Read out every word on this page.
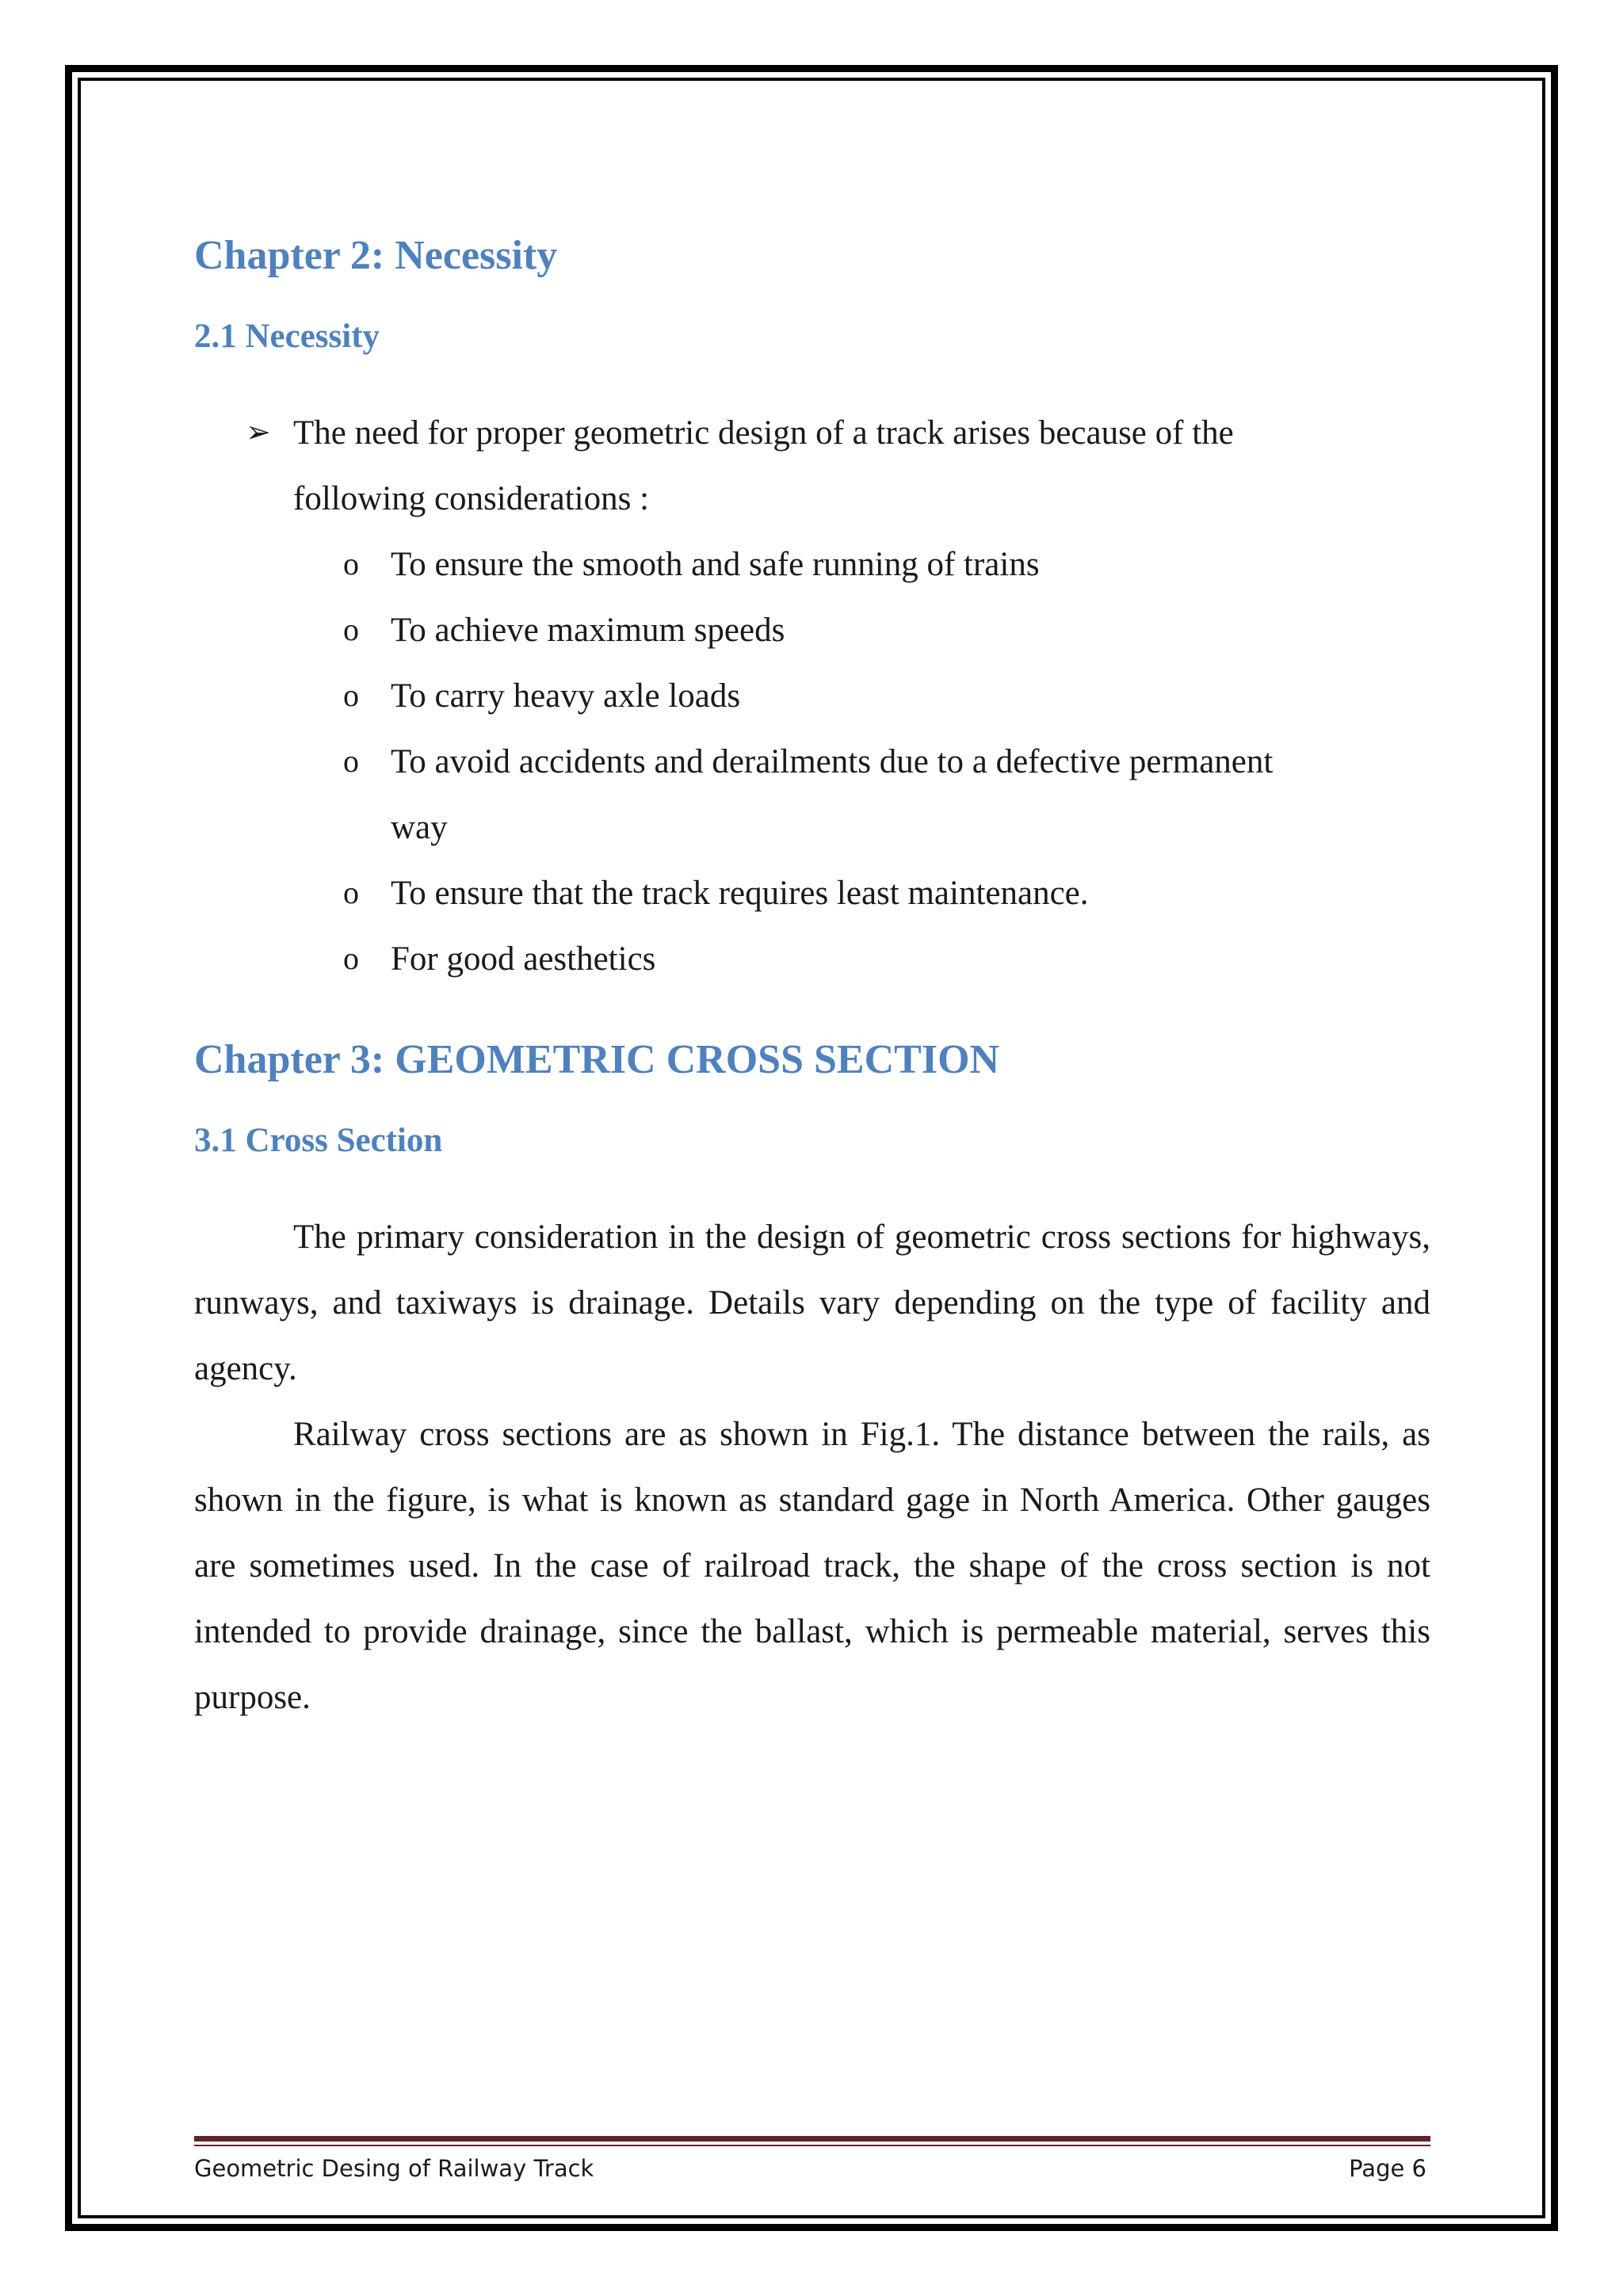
Chapter 2: Necessity
2.1 Necessity
➢ The need for proper geometric design of a track arises because of the
following considerations :
o To ensure the smooth and safe running of trains
o To achieve maximum speeds
o To carry heavy axle loads
o To avoid accidents and derailments due to a defective permanent
way
o To ensure that the track requires least maintenance.
o For good aesthetics
Chapter 3: GEOMETRIC CROSS SECTION
3.1 Cross Section

The primary consideration in the design of geometric cross sections for highways, runways, and taxiways is drainage. Details vary depending on the type of facility and agency.

Railway cross sections are as shown in Fig.1. The distance between the rails, as shown in the figure, is what is known as standard gage in North America. Other gauges are sometimes used. In the case of railroad track, the shape of the cross section is not intended to provide drainage, since the ballast, which is permeable material, serves this purpose.

Geometric Desing of Railway Track	Page 6
